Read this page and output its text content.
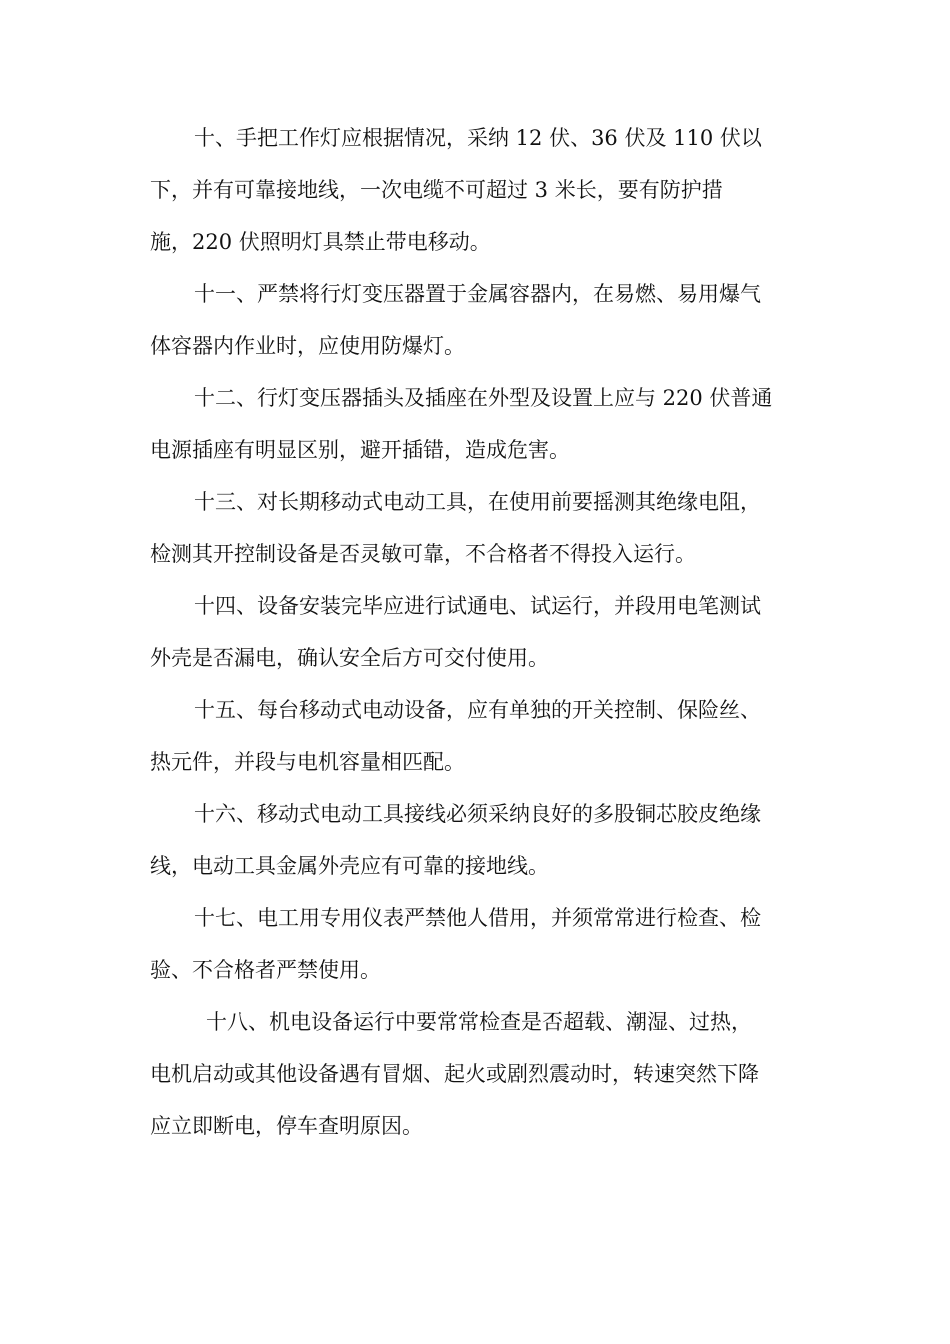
十、手把工作灯应根据情况，采纳 12 伏、36 伏及 110 伏以
下，并有可靠接地线，一次电缆不可超过 3 米长，要有防护措
施，220 伏照明灯具禁止带电移动。
十一、严禁将行灯变压器置于金属容器内，在易燃、易用爆气
体容器内作业时，应使用防爆灯。
十二、行灯变压器插头及插座在外型及设置上应与 220 伏普通
电源插座有明显区别，避开插错，造成危害。
十三、对长期移动式电动工具，在使用前要摇测其绝缘电阻，
检测其开控制设备是否灵敏可靠，不合格者不得投入运行。
十四、设备安装完毕应进行试通电、试运行，并段用电笔测试
外壳是否漏电，确认安全后方可交付使用。
十五、每台移动式电动设备，应有单独的开关控制、保险丝、
热元件，并段与电机容量相匹配。
十六、移动式电动工具接线必须采纳良好的多股铜芯胶皮绝缘
线，电动工具金属外壳应有可靠的接地线。
十七、电工用专用仪表严禁他人借用，并须常常进行检查、检
验、不合格者严禁使用。
十八、机电设备运行中要常常检查是否超载、潮湿、过热，
电机启动或其他设备遇有冒烟、起火或剧烈震动时，转速突然下降
应立即断电，停车查明原因。
